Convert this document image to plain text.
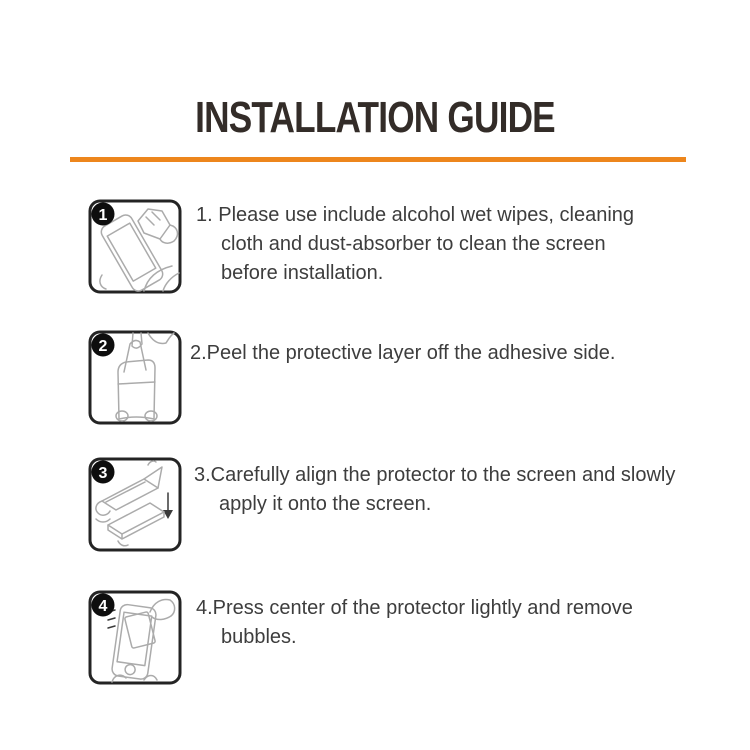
INSTALLATION GUIDE
1	1. Please use include alcohol wet wipes, cleaning
cloth and dust-absorber to clean the screen
before installation.
2	2.Peel the protective layer off the adhesive side.
3	3.Carefully align the protector to the screen and slowly
apply it onto the screen.
4	4.Press center of the protector lightly and remove
bubbles.
